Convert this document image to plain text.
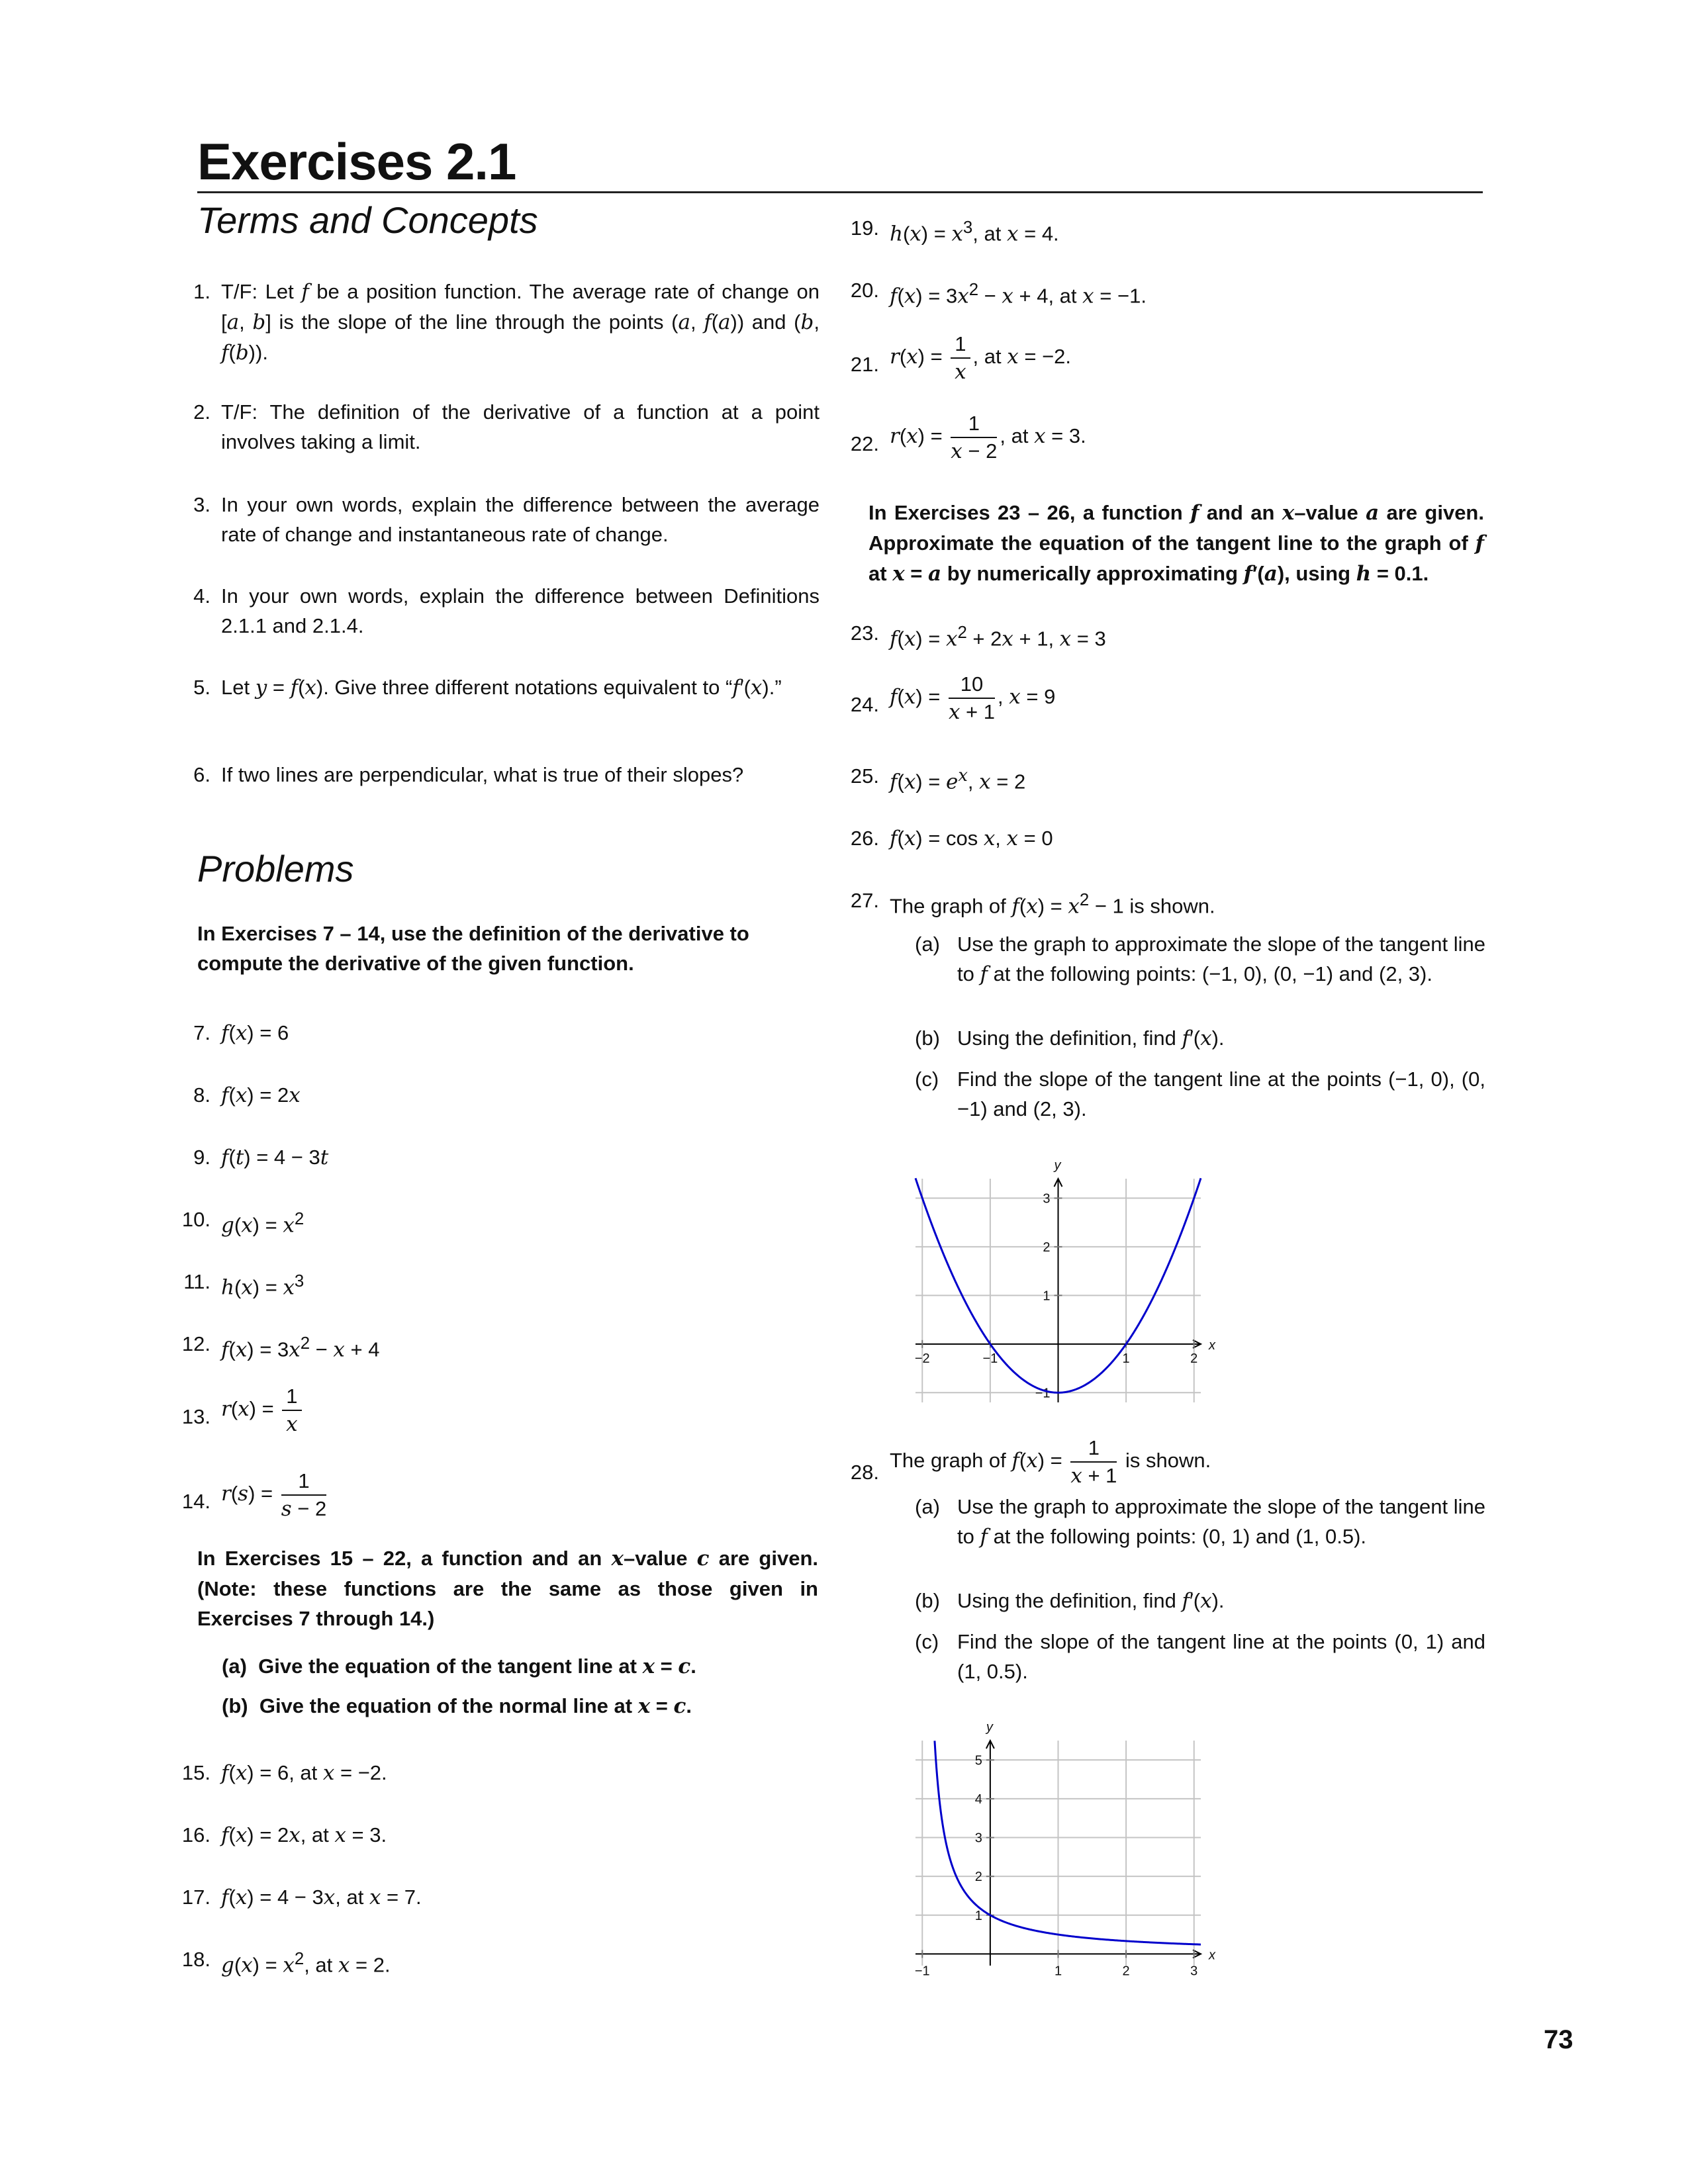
Exercises 2.1
Terms and Concepts
1. T/F: Let f be a position function. The average rate of change on [a, b] is the slope of the line through the points (a, f(a)) and (b, f(b)).
2. T/F: The definition of the derivative of a function at a point involves taking a limit.
3. In your own words, explain the difference between the average rate of change and instantaneous rate of change.
4. In your own words, explain the difference between Definitions 2.1.1 and 2.1.4.
5. Let y = f(x). Give three different notations equivalent to “f′(x).”
6. If two lines are perpendicular, what is true of their slopes?
Problems
In Exercises 7 – 14, use the definition of the derivative to compute the derivative of the given function.
In Exercises 15 – 22, a function and an x–value c are given. (Note: these functions are the same as those given in Exercises 7 through 14.)
(a) Give the equation of the tangent line at x = c.
(b) Give the equation of the normal line at x = c.
7. f(x) = 6
8. f(x) = 2x
9. f(t) = 4 − 3t
10. $g(x) = x^2$
11. $h(x) = x^3$
12. $f(x) = 3x^2 - x + 4$
13. $r(x) = \frac{1}{x}$
14. $r(s) = \frac{1}{s - 2}$
15. f(x) = 6, at x = −2.
16. f(x) = 2x, at x = 3.
17. f(x) = 4 − 3x, at x = 7.
18. $g(x) = x^2$, at x = 2.
19. $h(x) = x^3$, at x = 4.
20. $f(x) = 3x^2 - x + 4$, at x = −1.
21. $r(x) = \frac{1}{x}$ , at x = −2.
22. $r(x) = \frac{1}{x - 2}$ , at x = 3.
23. $f(x) = x^2 + 2x + 1$, x = 3
24. $f(x) = \frac{10}{x + 1}$ , x = 9
25. $f(x) = e^x$, x = 2
26. f(x) = cos x, x = 0
In Exercises 23 – 26, a function f and an x–value a are given. Approximate the equation of the tangent line to the graph of f at x = a by numerically approximating f′(a), using h = 0.1.
27. The graph of $f(x) = x^2 - 1$ is shown.
(a) Use the graph to approximate the slope of the tangent line to f at the following points: (−1, 0), (0, −1) and (2, 3).
(b) Using the definition, find f′(x).
(c) Find the slope of the tangent line at the points (−1, 0), (0, −1) and (2, 3).
x
y
−2	−1	1	2
−1
1
2
3
28.
The graph of $f(x) = \frac{1}{x + 1}$ is shown.
(a) Use the graph to approximate the slope of the tangent line to f at the following points: (0, 1) and (1, 0.5).
(b) Using the definition, find f′(x).
(c) Find the slope of the tangent line at the points (0, 1) and (1, 0.5).
x
y
−1	1	2	3
1
2
3
4
5
73
